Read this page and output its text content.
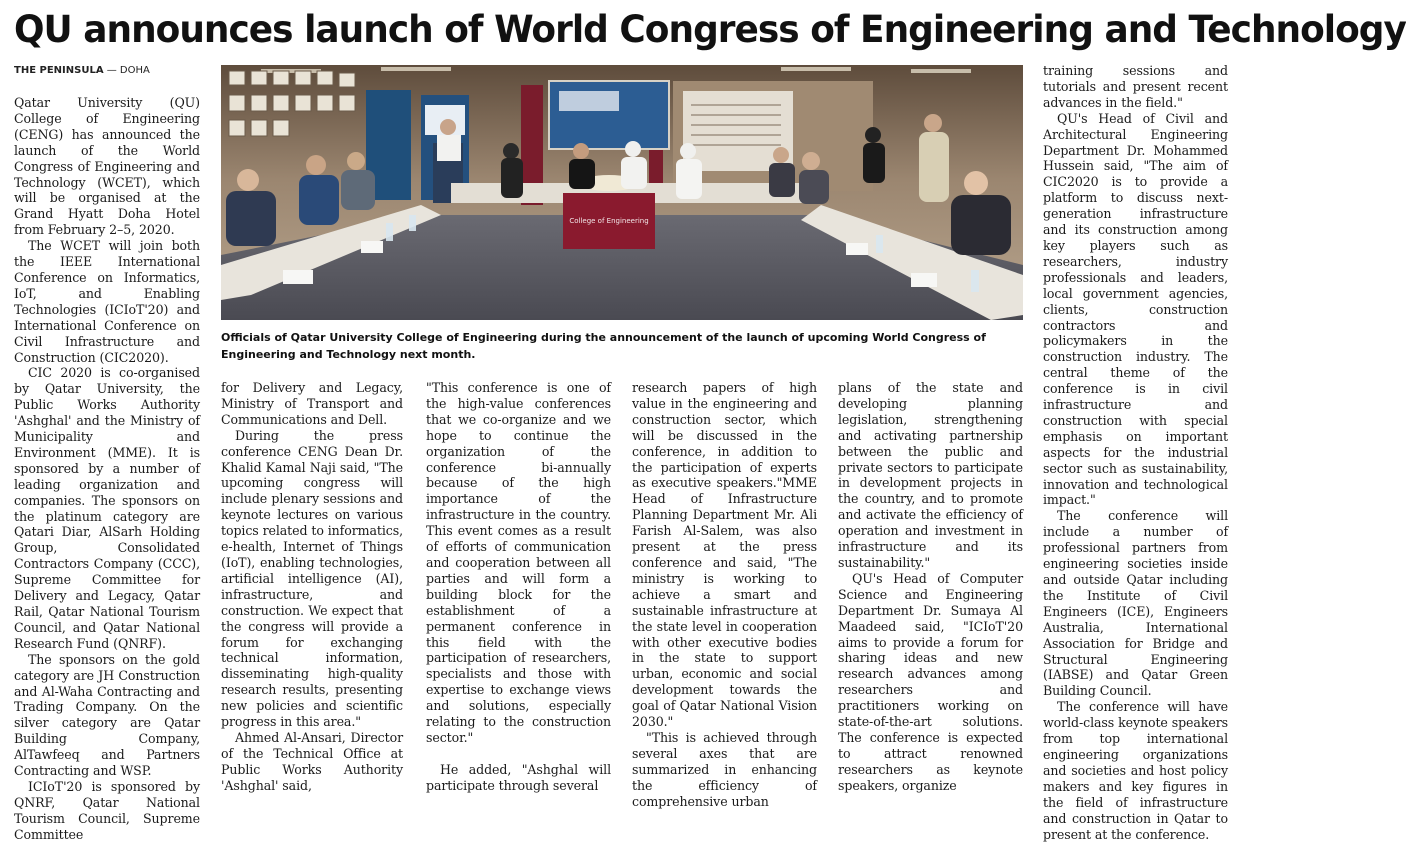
QU announces launch of World Congress of Engineering and Technology
THE PENINSULA — DOHA

Qatar University (QU) College of Engineering (CENG) has announced the launch of the World Congress of Engineering and Technology (WCET), which will be organised at the Grand Hyatt Doha Hotel from February 2–5, 2020.

The WCET will join both the IEEE International Conference on Informatics, IoT, and Enabling Technologies (ICIoT'20) and International Conference on Civil Infrastructure and Construction (CIC2020).

CIC 2020 is co-organised by Qatar University, the Public Works Authority 'Ashghal' and the Ministry of Municipality and Environment (MME). It is sponsored by a number of leading organization and companies. The sponsors on the platinum category are Qatari Diar, AlSarh Holding Group, Consolidated Contractors Company (CCC), Supreme Committee for Delivery and Legacy, Qatar Rail, Qatar National Tourism Council, and Qatar National Research Fund (QNRF).

The sponsors on the gold category are JH Construction and Al-Waha Contracting and Trading Company. On the silver category are Qatar Building Company, AlTawfeeq and Partners Contracting and WSP.

ICIoT'20 is sponsored by QNRF, Qatar National Tourism Council, Supreme Committee

College of Engineering
Officials of Qatar University College of Engineering during the announcement of the launch of upcoming World Congress of Engineering and Technology next month.

for Delivery and Legacy, Ministry of Transport and Communications and Dell.

During the press conference CENG Dean Dr. Khalid Kamal Naji said, "The upcoming congress will include plenary sessions and keynote lectures on various topics related to informatics, e-health, Internet of Things (IoT), enabling technologies, artificial intelligence (AI), infrastructure, and construction. We expect that the congress will provide a forum for exchanging technical information, disseminating high-quality research results, presenting new policies and scientific progress in this area."

Ahmed Al-Ansari, Director of the Technical Office at Public Works Authority 'Ashghal' said,

"This conference is one of the high-value conferences that we co-organize and we hope to continue the organization of the conference bi-annually because of the high importance of the infrastructure in the country. This event comes as a result of efforts of communication and cooperation between all parties and will form a building block for the establishment of a permanent conference in this field with the participation of researchers, specialists and those with expertise to exchange views and solutions, especially relating to the construction sector."

He added, "Ashghal will participate through several

research papers of high value in the engineering and construction sector, which will be discussed in the conference, in addition to the participation of experts as executive speakers."MME Head of Infrastructure Planning Department Mr. Ali Farish Al-Salem, was also present at the press conference and said, "The ministry is working to achieve a smart and sustainable infrastructure at the state level in cooperation with other executive bodies in the state to support urban, economic and social development towards the goal of Qatar National Vision 2030."

"This is achieved through several axes that are summarized in enhancing the efficiency of comprehensive urban

plans of the state and developing planning legislation, strengthening and activating partnership between the public and private sectors to participate in development projects in the country, and to promote and activate the efficiency of operation and investment in infrastructure and its sustainability."

QU's Head of Computer Science and Engineering Department Dr. Sumaya Al Maadeed said, "ICIoT'20 aims to provide a forum for sharing ideas and new research advances among researchers and practitioners working on state-of-the-art solutions. The conference is expected to attract renowned researchers as keynote speakers, organize

training sessions and tutorials and present recent advances in the field."

QU's Head of Civil and Architectural Engineering Department Dr. Mohammed Hussein said, "The aim of CIC2020 is to provide a platform to discuss next-generation infrastructure and its construction among key players such as researchers, industry professionals and leaders, local government agencies, clients, construction contractors and policymakers in the construction industry. The central theme of the conference is in civil infrastructure and construction with special emphasis on important aspects for the industrial sector such as sustainability, innovation and technological impact."

The conference will include a number of professional partners from engineering societies inside and outside Qatar including the Institute of Civil Engineers (ICE), Engineers Australia, International Association for Bridge and Structural Engineering (IABSE) and Qatar Green Building Council.

The conference will have world-class keynote speakers from top international engineering organizations and societies and host policy makers and key figures in the field of infrastructure and construction in Qatar to present at the conference.
